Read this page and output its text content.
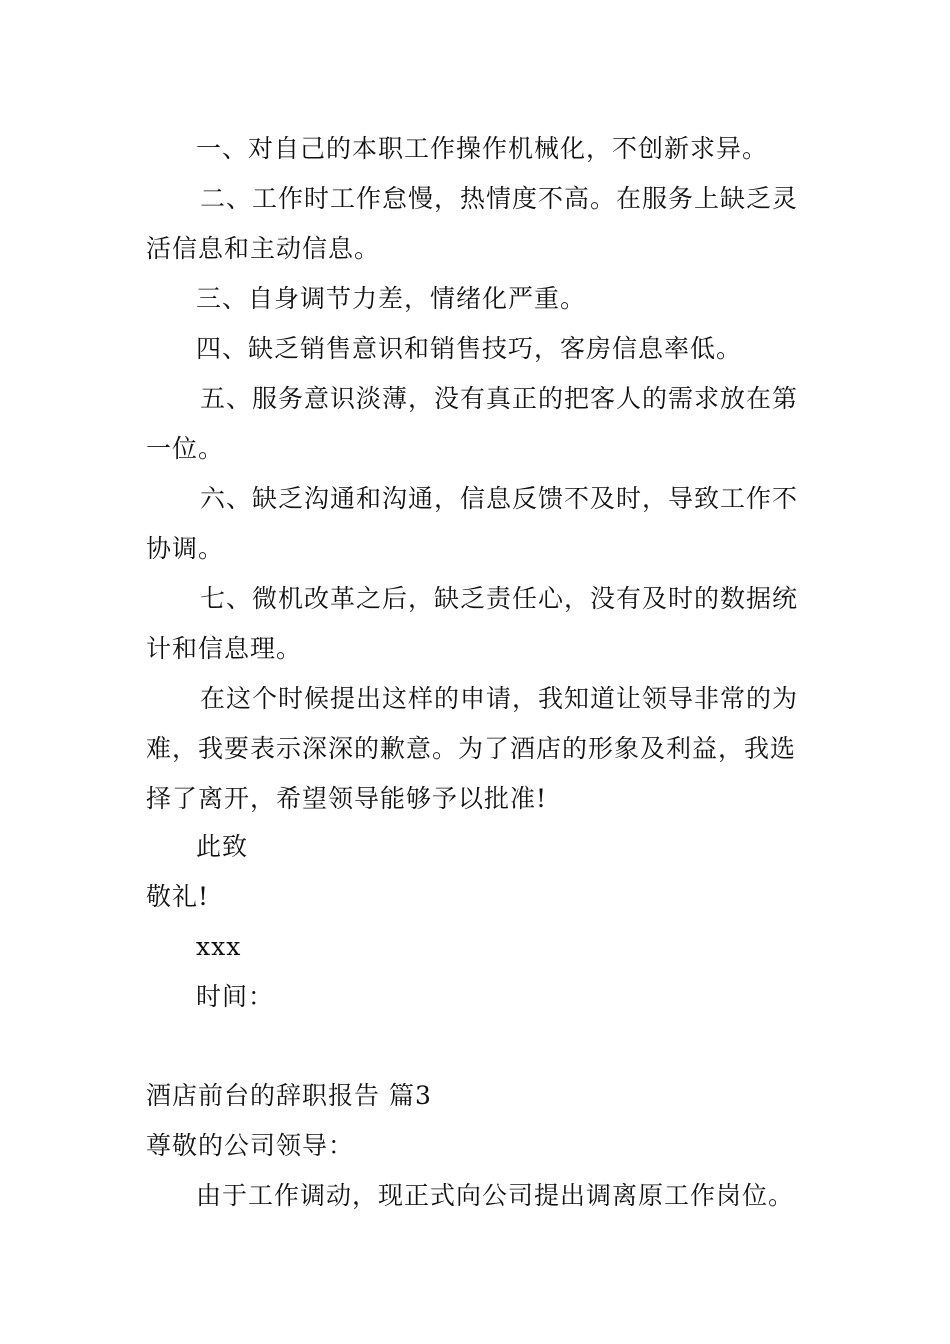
一、对自己的本职工作操作机械化，不创新求异。
二、工作时工作怠慢，热情度不高。在服务上缺乏灵
活信息和主动信息。
三、自身调节力差，情绪化严重。
四、缺乏销售意识和销售技巧，客房信息率低。
五、服务意识淡薄，没有真正的把客人的需求放在第
一位。
六、缺乏沟通和沟通，信息反馈不及时，导致工作不
协调。
七、微机改革之后，缺乏责任心，没有及时的数据统
计和信息理。
在这个时候提出这样的申请，我知道让领导非常的为
难，我要表示深深的歉意。为了酒店的形象及利益，我选
择了离开，希望领导能够予以批准!
此致
敬礼!
xxx
时间：
酒店前台的辞职报告 篇3
尊敬的公司领导：
由于工作调动，现正式向公司提出调离原工作岗位。
